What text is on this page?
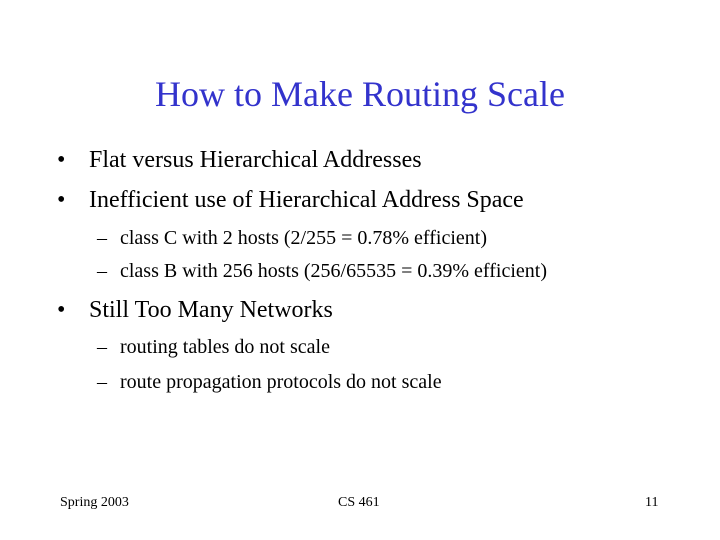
How to Make Routing Scale
• Flat versus Hierarchical Addresses
• Inefficient use of Hierarchical Address Space
– class C with 2 hosts (2/255 = 0.78% efficient)
– class B with 256 hosts (256/65535 = 0.39% efficient)
• Still Too Many Networks
– routing tables do not scale
– route propagation protocols do not scale
Spring 2003	CS 461	11
